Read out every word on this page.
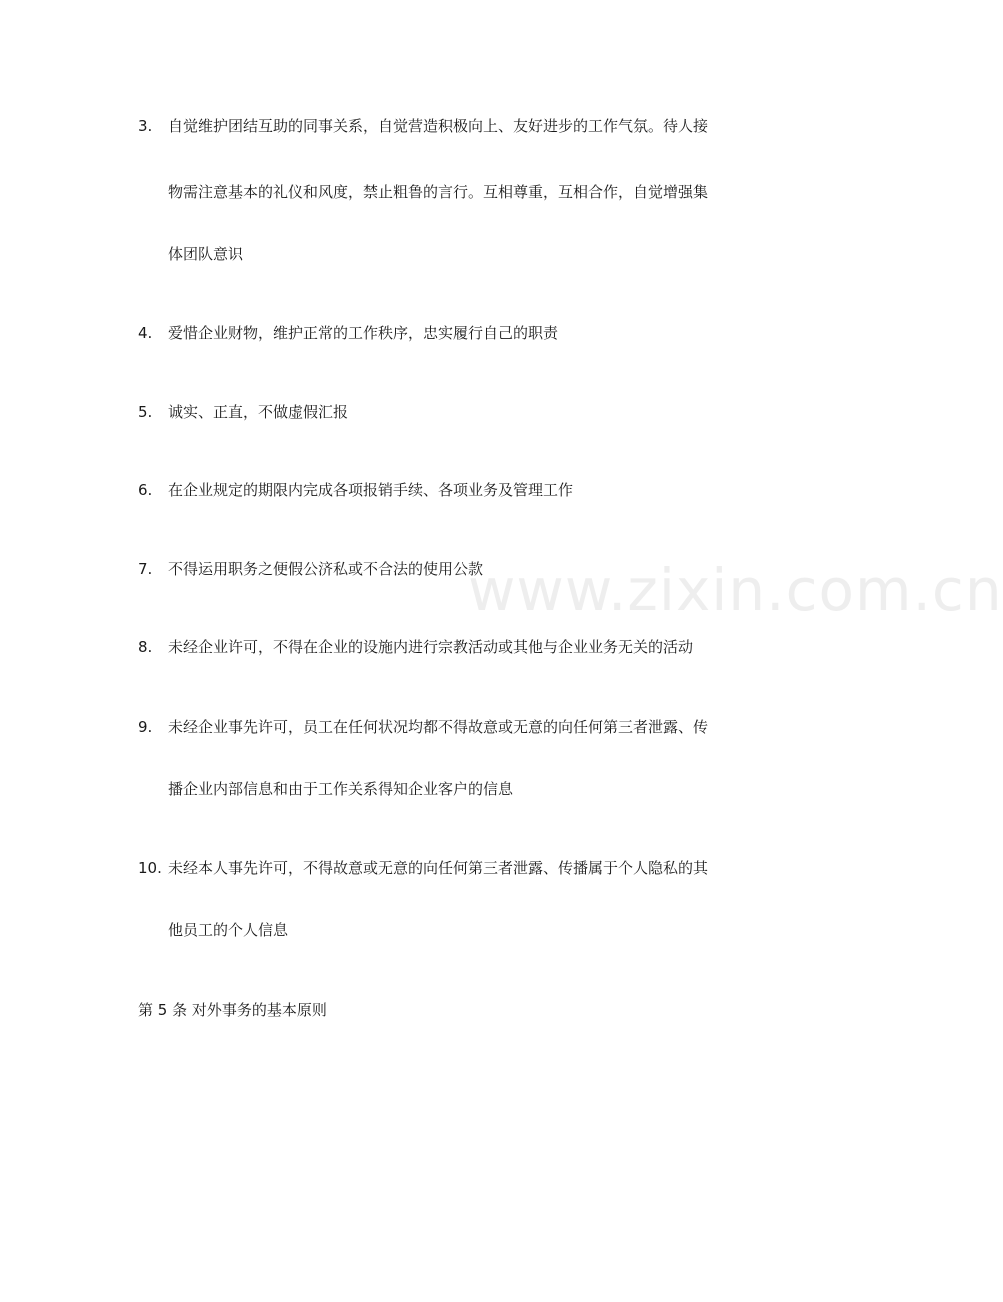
www.zixin.com.cn
3. 自觉维护团结互助的同事关系，自觉营造积极向上、友好进步的工作气氛。待人接
物需注意基本的礼仪和风度，禁止粗鲁的言行。互相尊重，互相合作，自觉增强集
体团队意识
4. 爱惜企业财物，维护正常的工作秩序，忠实履行自己的职责
5. 诚实、正直，不做虚假汇报
6. 在企业规定的期限内完成各项报销手续、各项业务及管理工作
7. 不得运用职务之便假公济私或不合法的使用公款
8. 未经企业许可，不得在企业的设施内进行宗教活动或其他与企业业务无关的活动
9. 未经企业事先许可，员工在任何状况均都不得故意或无意的向任何第三者泄露、传
播企业内部信息和由于工作关系得知企业客户的信息
10. 未经本人事先许可，不得故意或无意的向任何第三者泄露、传播属于个人隐私的其
他员工的个人信息
第 5 条 对外事务的基本原则
